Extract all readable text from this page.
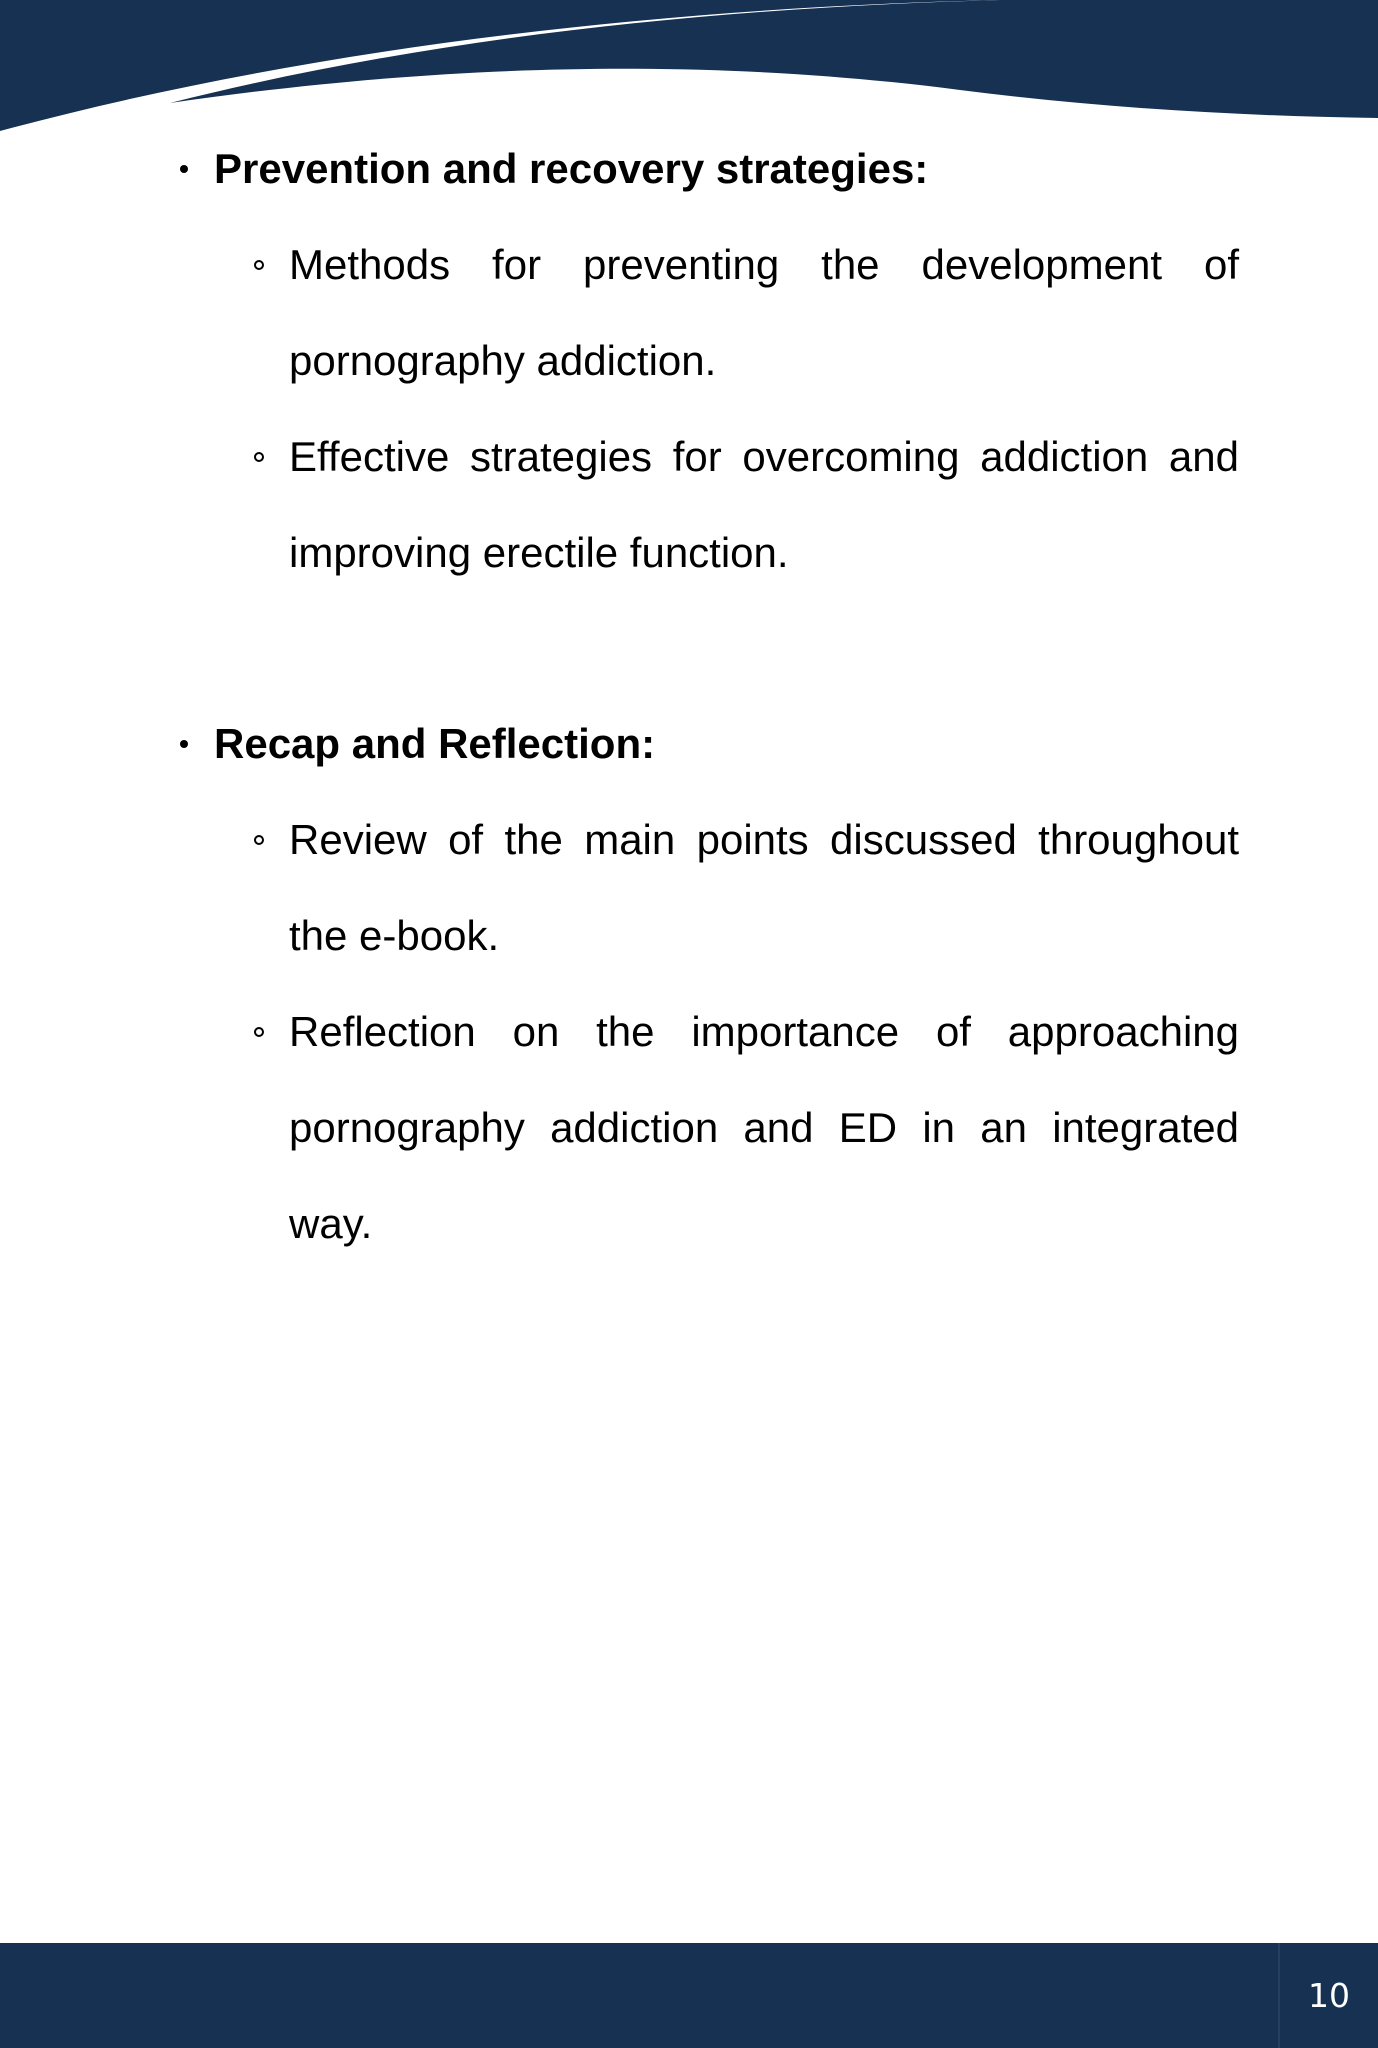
Prevention and recovery strategies:
Methods for preventing the development of pornography addiction.
Effective strategies for overcoming addiction and improving erectile function.
Recap and Reflection:
Review of the main points discussed throughout the e-book.
Reflection on the importance of approaching pornography addiction and ED in an integrated way.
10
